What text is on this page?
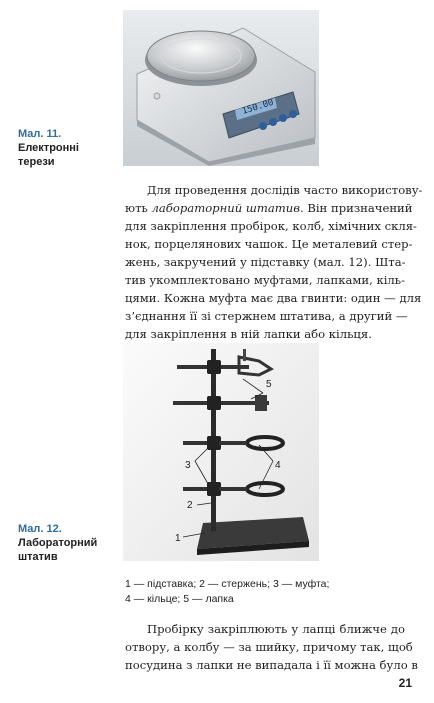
150.00
Мал. 11.
Електронні
терези
Для проведення дослідів часто використову-
ють лабораторний штатив. Він призначений
для закріплення пробірок, колб, хімічних скля-
нок, порцелянових чашок. Це металевий стер-
жень, закручений у підставку (мал. 12). Шта-
тив укомплектовано муфтами, лапками, кіль-
цями. Кожна муфта має два гвинти: один — для
з’єднання її зі стержнем штатива, а другий —
для закріплення в ній лапки або кільця.
1
2
3	4
5
Мал. 12.
Лабораторний
штатив
1 — підставка; 2 — стержень; 3 — муфта;
4 — кільце; 5 — лапка
Пробірку закріплюють у лапці ближче до
отвору, а колбу — за шийку, причому так, щоб
посудина з лапки не випадала і її можна було в
21
